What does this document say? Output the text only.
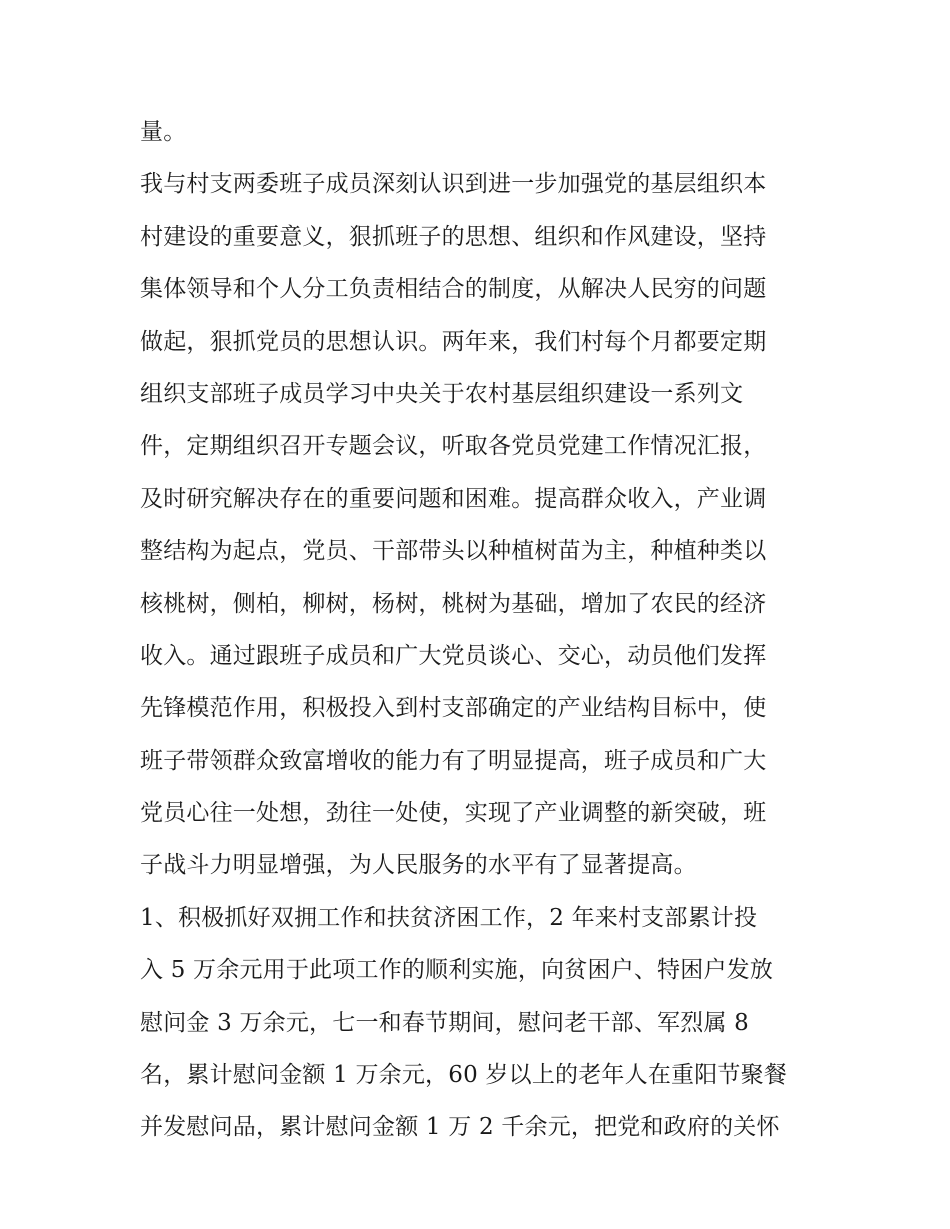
量。
我与村支两委班子成员深刻认识到进一步加强党的基层组织本
村建设的重要意义，狠抓班子的思想、组织和作风建设，坚持
集体领导和个人分工负责相结合的制度，从解决人民穷的问题
做起，狠抓党员的思想认识。两年来，我们村每个月都要定期
组织支部班子成员学习中央关于农村基层组织建设一系列文
件，定期组织召开专题会议，听取各党员党建工作情况汇报，
及时研究解决存在的重要问题和困难。提高群众收入，产业调
整结构为起点，党员、干部带头以种植树苗为主，种植种类以
核桃树，侧柏，柳树，杨树，桃树为基础，增加了农民的经济
收入。通过跟班子成员和广大党员谈心、交心，动员他们发挥
先锋模范作用，积极投入到村支部确定的产业结构目标中，使
班子带领群众致富增收的能力有了明显提高，班子成员和广大
党员心往一处想，劲往一处使，实现了产业调整的新突破，班
子战斗力明显增强，为人民服务的水平有了显著提高。
1、积极抓好双拥工作和扶贫济困工作，2 年来村支部累计投
入 5 万余元用于此项工作的顺利实施，向贫困户、特困户发放
慰问金 3 万余元，七一和春节期间，慰问老干部、军烈属 8
名，累计慰问金额 1 万余元，60 岁以上的老年人在重阳节聚餐
并发慰问品，累计慰问金额 1 万 2 千余元，把党和政府的关怀
